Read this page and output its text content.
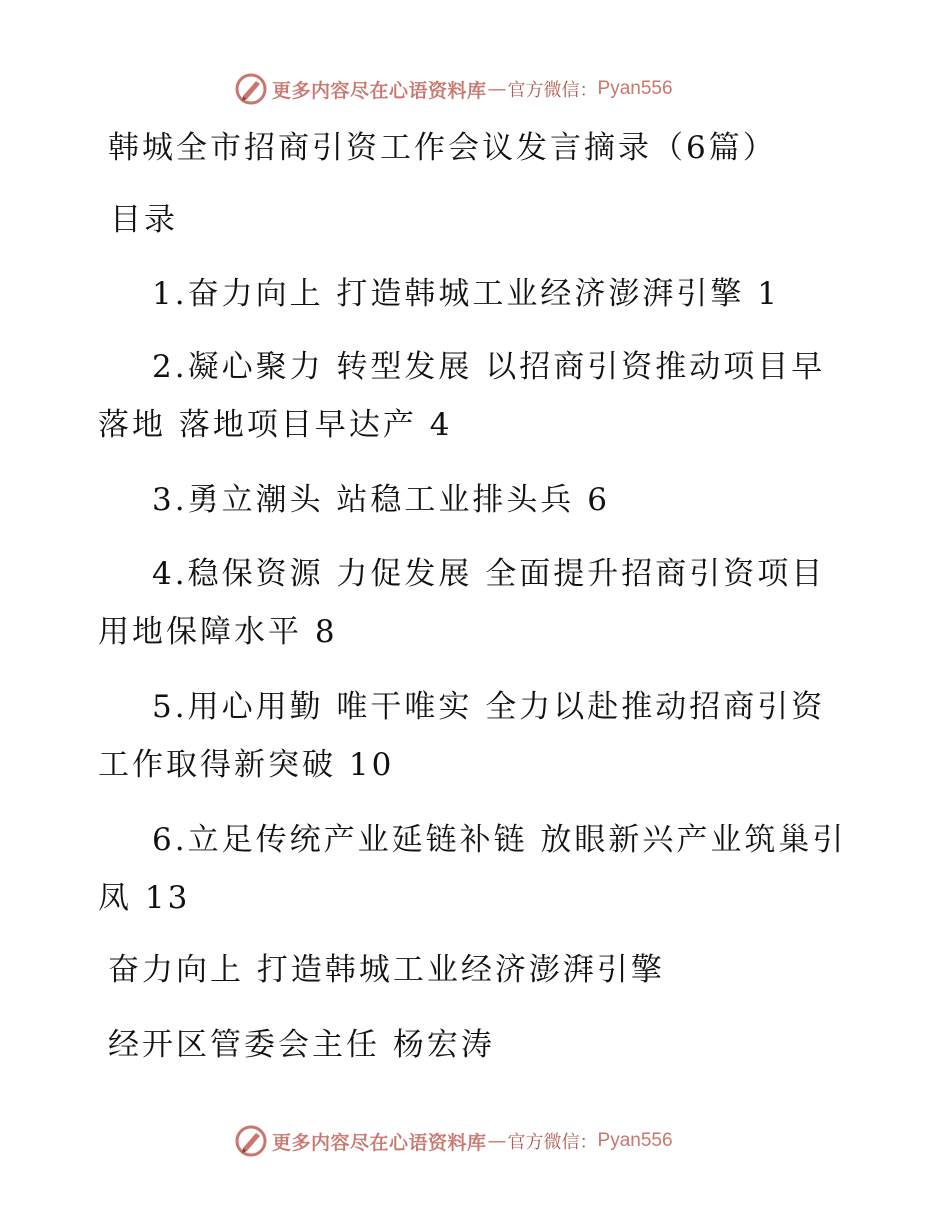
更多内容尽在心语资料库 — 官方微信： Pyan556
韩城全市招商引资工作会议发言摘录（6篇）
目录
1.奋力向上 打造韩城工业经济澎湃引擎 1
2.凝心聚力 转型发展 以招商引资推动项目早
落地 落地项目早达产 4
3.勇立潮头 站稳工业排头兵 6
4.稳保资源 力促发展 全面提升招商引资项目
用地保障水平 8
5.用心用勤 唯干唯实 全力以赴推动招商引资
工作取得新突破 10
6.立足传统产业延链补链 放眼新兴产业筑巢引
凤 13
奋力向上 打造韩城工业经济澎湃引擎
经开区管委会主任 杨宏涛
更多内容尽在心语资料库 — 官方微信： Pyan556
